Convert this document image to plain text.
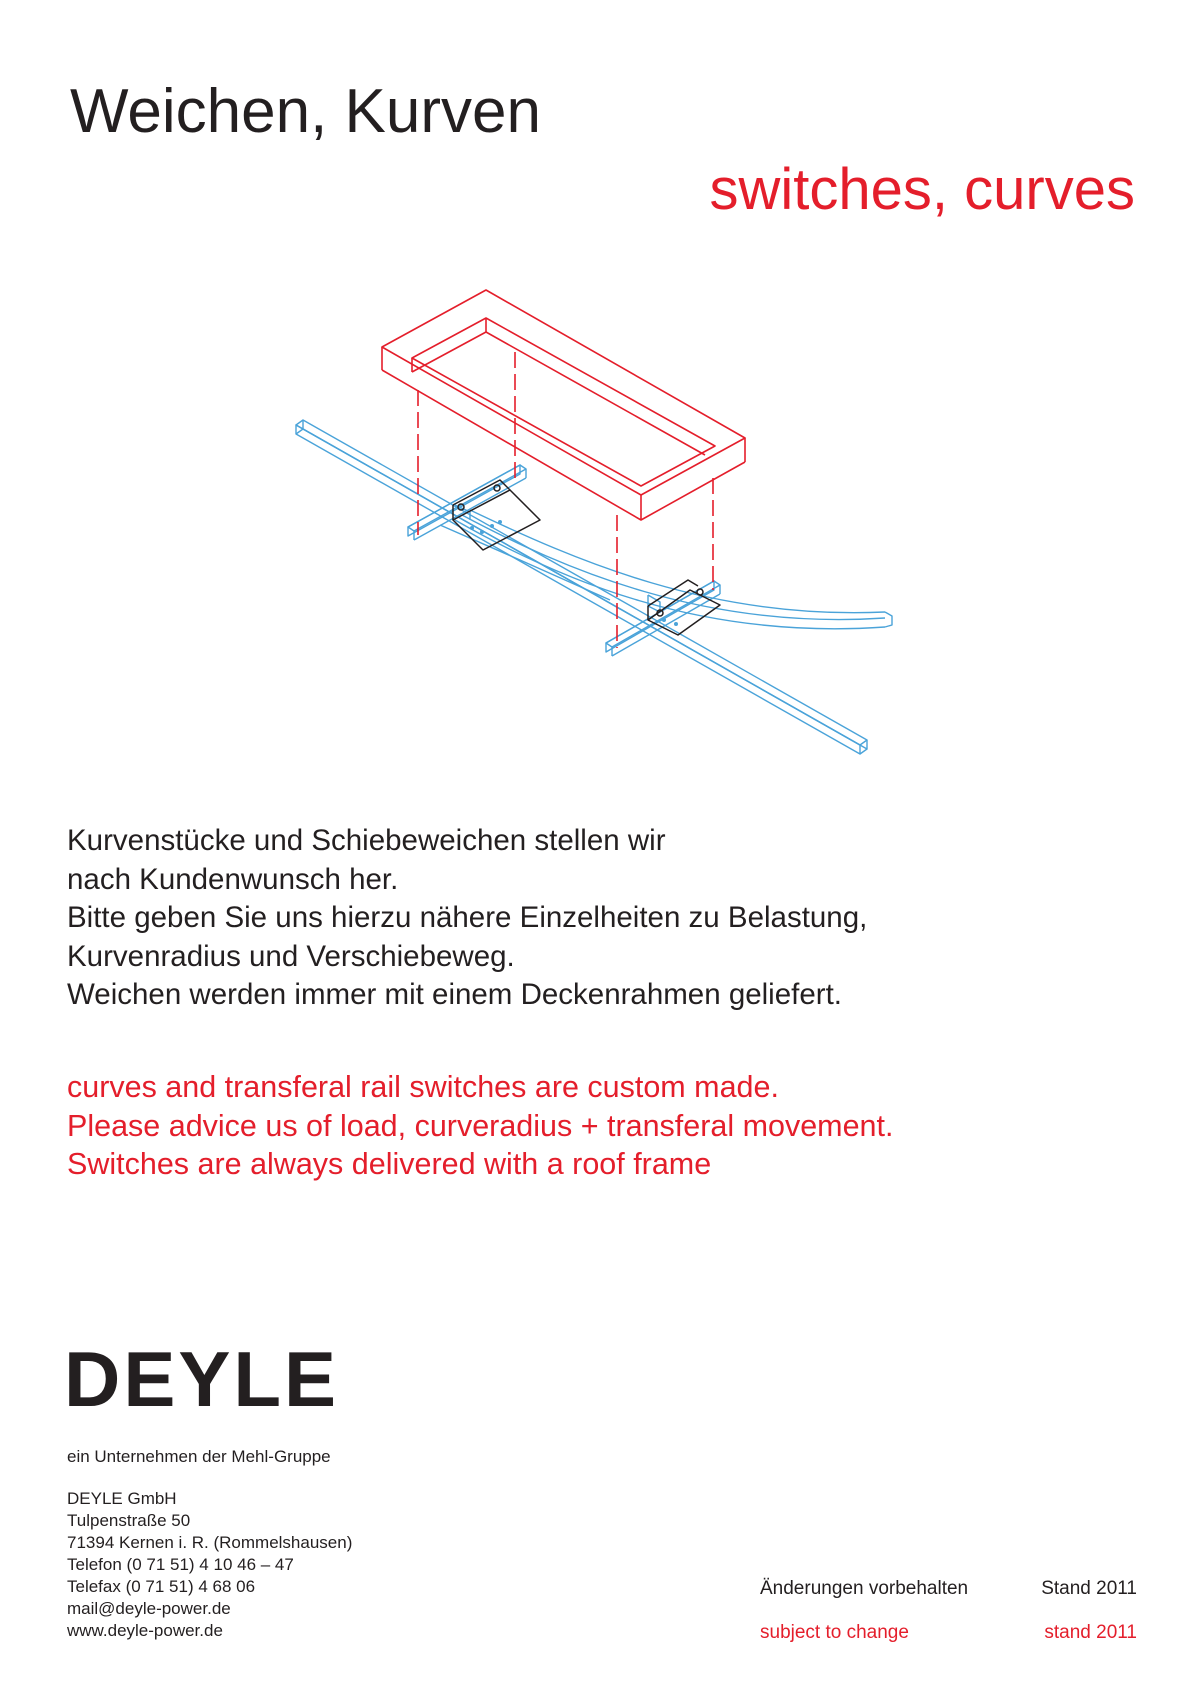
Weichen, Kurven
switches, curves
Kurvenstücke und Schiebeweichen stellen wir
nach Kundenwunsch her.
Bitte geben Sie uns hierzu nähere Einzelheiten zu Belastung,
Kurvenradius und Verschiebeweg.
Weichen werden immer mit einem Deckenrahmen geliefert.
curves and transferal rail switches are custom made.
Please advice us of load, curveradius + transferal movement.
Switches are always delivered with a roof frame
DEYLE
ein Unternehmen der Mehl-Gruppe
DEYLE GmbH
Tulpenstraße 50
71394 Kernen i. R. (Rommelshausen)
Telefon (0 71 51) 4 10 46 – 47
Telefax (0 71 51) 4 68 06
mail@deyle-power.de
www.deyle-power.de
Änderungen vorbehalten	Stand 2011
subject to change	stand 2011
